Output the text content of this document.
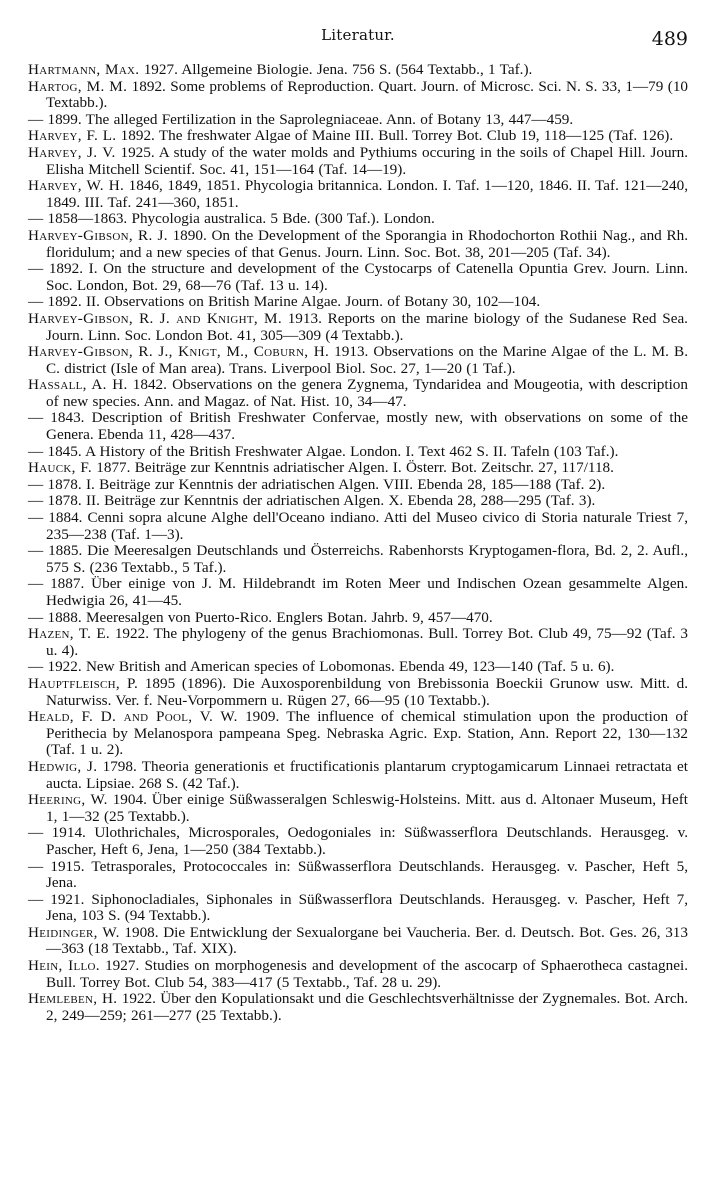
Literatur.	489

Hartmann, Max. 1927. Allgemeine Biologie. Jena. 756 S. (564 Textabb., 1 Taf.).

Hartog, M. M. 1892. Some problems of Reproduction. Quart. Journ. of Microsc. Sci. N. S. 33, 1—79 (10 Textabb.).

— 1899. The alleged Fertilization in the Saprolegniaceae. Ann. of Botany 13, 447—459.

Harvey, F. L. 1892. The freshwater Algae of Maine III. Bull. Torrey Bot. Club 19, 118—125 (Taf. 126).

Harvey, J. V. 1925. A study of the water molds and Pythiums occuring in the soils of Chapel Hill. Journ. Elisha Mitchell Scientif. Soc. 41, 151—164 (Taf. 14—19).

Harvey, W. H. 1846, 1849, 1851. Phycologia britannica. London. I. Taf. 1—120, 1846. II. Taf. 121—240, 1849. III. Taf. 241—360, 1851.

— 1858—1863. Phycologia australica. 5 Bde. (300 Taf.). London.

Harvey-Gibson, R. J. 1890. On the Development of the Sporangia in Rhodochorton Rothii Nag., and Rh. floridulum; and a new species of that Genus. Journ. Linn. Soc. Bot. 38, 201—205 (Taf. 34).

— 1892. I. On the structure and development of the Cystocarps of Catenella Opuntia Grev. Journ. Linn. Soc. London, Bot. 29, 68—76 (Taf. 13 u. 14).

— 1892. II. Observations on British Marine Algae. Journ. of Botany 30, 102—104.

Harvey-Gibson, R. J. and Knight, M. 1913. Reports on the marine biology of the Sudanese Red Sea. Journ. Linn. Soc. London Bot. 41, 305—309 (4 Textabb.).

Harvey-Gibson, R. J., Knigt, M., Coburn, H. 1913. Observations on the Marine Algae of the L. M. B. C. district (Isle of Man area). Trans. Liverpool Biol. Soc. 27, 1—20 (1 Taf.).

Hassall, A. H. 1842. Observations on the genera Zygnema, Tyndaridea and Mougeotia, with description of new species. Ann. and Magaz. of Nat. Hist. 10, 34—47.

— 1843. Description of British Freshwater Confervae, mostly new, with observations on some of the Genera. Ebenda 11, 428—437.

— 1845. A History of the British Freshwater Algae. London. I. Text 462 S. II. Tafeln (103 Taf.).

Hauck, F. 1877. Beiträge zur Kenntnis adriatischer Algen. I. Österr. Bot. Zeitschr. 27, 117/118.

— 1878. I. Beiträge zur Kenntnis der adriatischen Algen. VIII. Ebenda 28, 185—188 (Taf. 2).

— 1878. II. Beiträge zur Kenntnis der adriatischen Algen. X. Ebenda 28, 288—295 (Taf. 3).

— 1884. Cenni sopra alcune Alghe dell'Oceano indiano. Atti del Museo civico di Storia naturale Triest 7, 235—238 (Taf. 1—3).

— 1885. Die Meeresalgen Deutschlands und Österreichs. Rabenhorsts Kryptogamen-flora, Bd. 2, 2. Aufl., 575 S. (236 Textabb., 5 Taf.).

— 1887. Über einige von J. M. Hildebrandt im Roten Meer und Indischen Ozean gesammelte Algen. Hedwigia 26, 41—45.

— 1888. Meeresalgen von Puerto-Rico. Englers Botan. Jahrb. 9, 457—470.

Hazen, T. E. 1922. The phylogeny of the genus Brachiomonas. Bull. Torrey Bot. Club 49, 75—92 (Taf. 3 u. 4).

— 1922. New British and American species of Lobomonas. Ebenda 49, 123—140 (Taf. 5 u. 6).

Hauptfleisch, P. 1895 (1896). Die Auxosporenbildung von Brebissonia Boeckii Grunow usw. Mitt. d. Naturwiss. Ver. f. Neu-Vorpommern u. Rügen 27, 66—95 (10 Textabb.).

Heald, F. D. and Pool, V. W. 1909. The influence of chemical stimulation upon the production of Perithecia by Melanospora pampeana Speg. Nebraska Agric. Exp. Station, Ann. Report 22, 130—132 (Taf. 1 u. 2).

Hedwig, J. 1798. Theoria generationis et fructificationis plantarum cryptogamicarum Linnaei retractata et aucta. Lipsiae. 268 S. (42 Taf.).

Heering, W. 1904. Über einige Süßwasseralgen Schleswig-Holsteins. Mitt. aus d. Altonaer Museum, Heft 1, 1—32 (25 Textabb.).

— 1914. Ulothrichales, Microsporales, Oedogoniales in: Süßwasserflora Deutschlands. Herausgeg. v. Pascher, Heft 6, Jena, 1—250 (384 Textabb.).

— 1915. Tetrasporales, Protococcales in: Süßwasserflora Deutschlands. Herausgeg. v. Pascher, Heft 5, Jena.

— 1921. Siphonocladiales, Siphonales in Süßwasserflora Deutschlands. Herausgeg. v. Pascher, Heft 7, Jena, 103 S. (94 Textabb.).

Heidinger, W. 1908. Die Entwicklung der Sexualorgane bei Vaucheria. Ber. d. Deutsch. Bot. Ges. 26, 313—363 (18 Textabb., Taf. XIX).

Hein, Illo. 1927. Studies on morphogenesis and development of the ascocarp of Sphaerotheca castagnei. Bull. Torrey Bot. Club 54, 383—417 (5 Textabb., Taf. 28 u. 29).

Hemleben, H. 1922. Über den Kopulationsakt und die Geschlechtsverhältnisse der Zygnemales. Bot. Arch. 2, 249—259; 261—277 (25 Textabb.).
